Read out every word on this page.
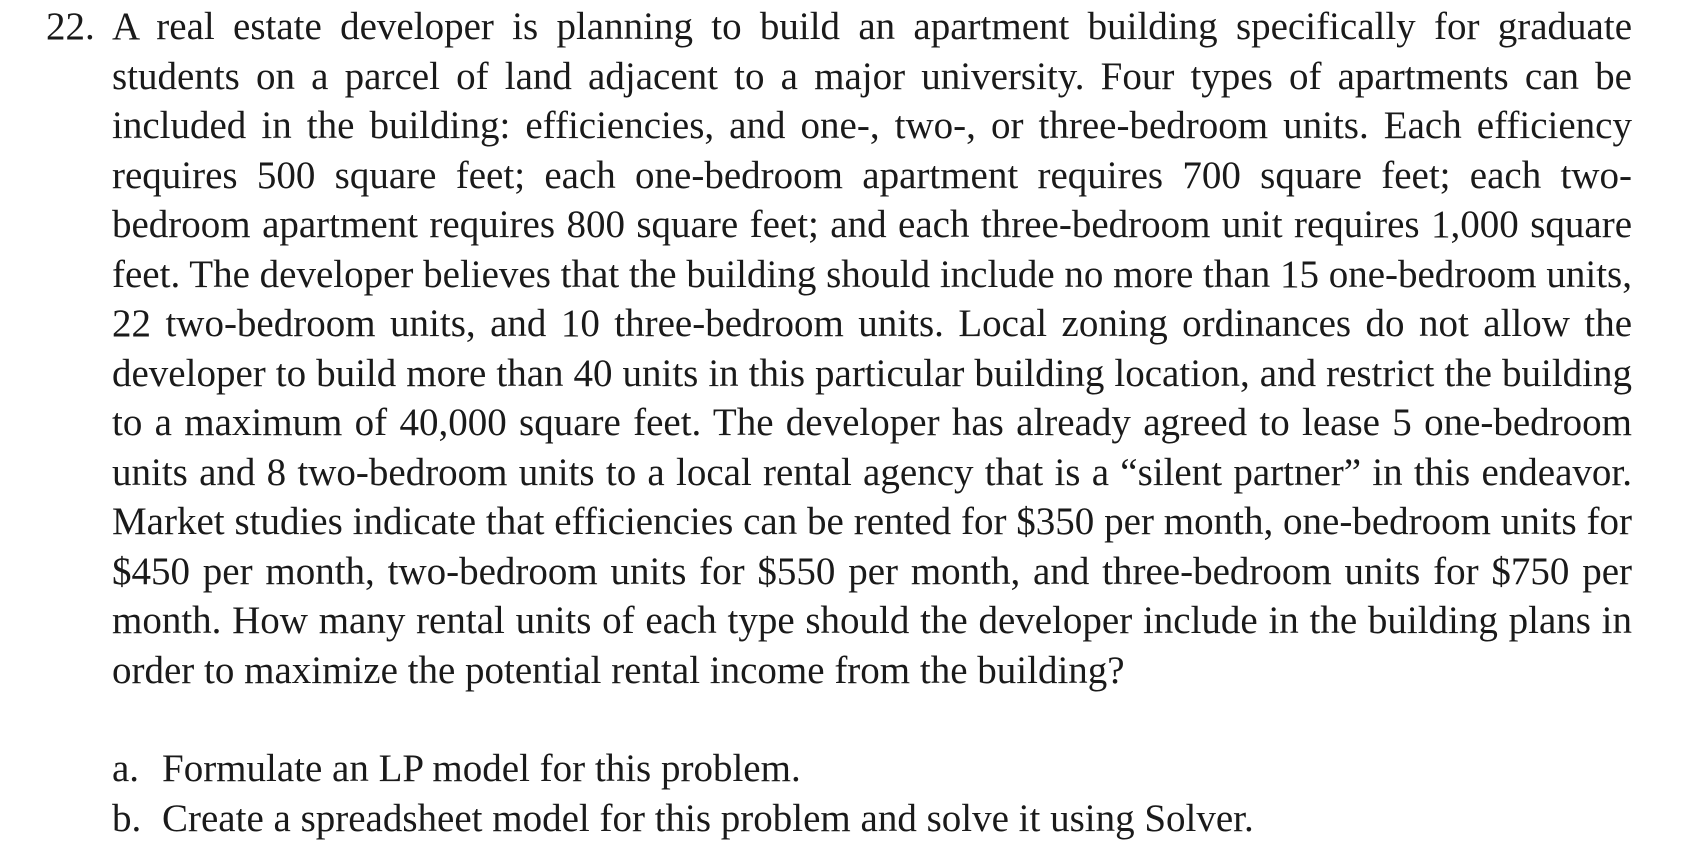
22. A real estate developer is planning to build an apartment building specifically for graduate students on a parcel of land adjacent to a major university. Four types of apartments can be included in the building: efficiencies, and one-, two-, or three-bedroom units. Each efficiency requires 500 square feet; each one-bedroom apartment requires 700 square feet; each two-bedroom apartment requires 800 square feet; and each three-bedroom unit requires 1,000 square feet. The developer believes that the building should include no more than 15 one-bedroom units, 22 two-bedroom units, and 10 three-bedroom units. Local zoning ordinances do not allow the developer to build more than 40 units in this particular building location, and restrict the building to a maximum of 40,000 square feet. The developer has already agreed to lease 5 one-bedroom units and 8 two-bedroom units to a local rental agency that is a “silent partner” in this endeavor. Market studies indicate that efficiencies can be rented for $350 per month, one-bedroom units for $450 per month, two-bedroom units for $550 per month, and three-bedroom units for $750 per month. How many rental units of each type should the developer include in the building plans in order to maximize the potential rental income from the building?

a. Formulate an LP model for this problem.
b. Create a spreadsheet model for this problem and solve it using Solver.
